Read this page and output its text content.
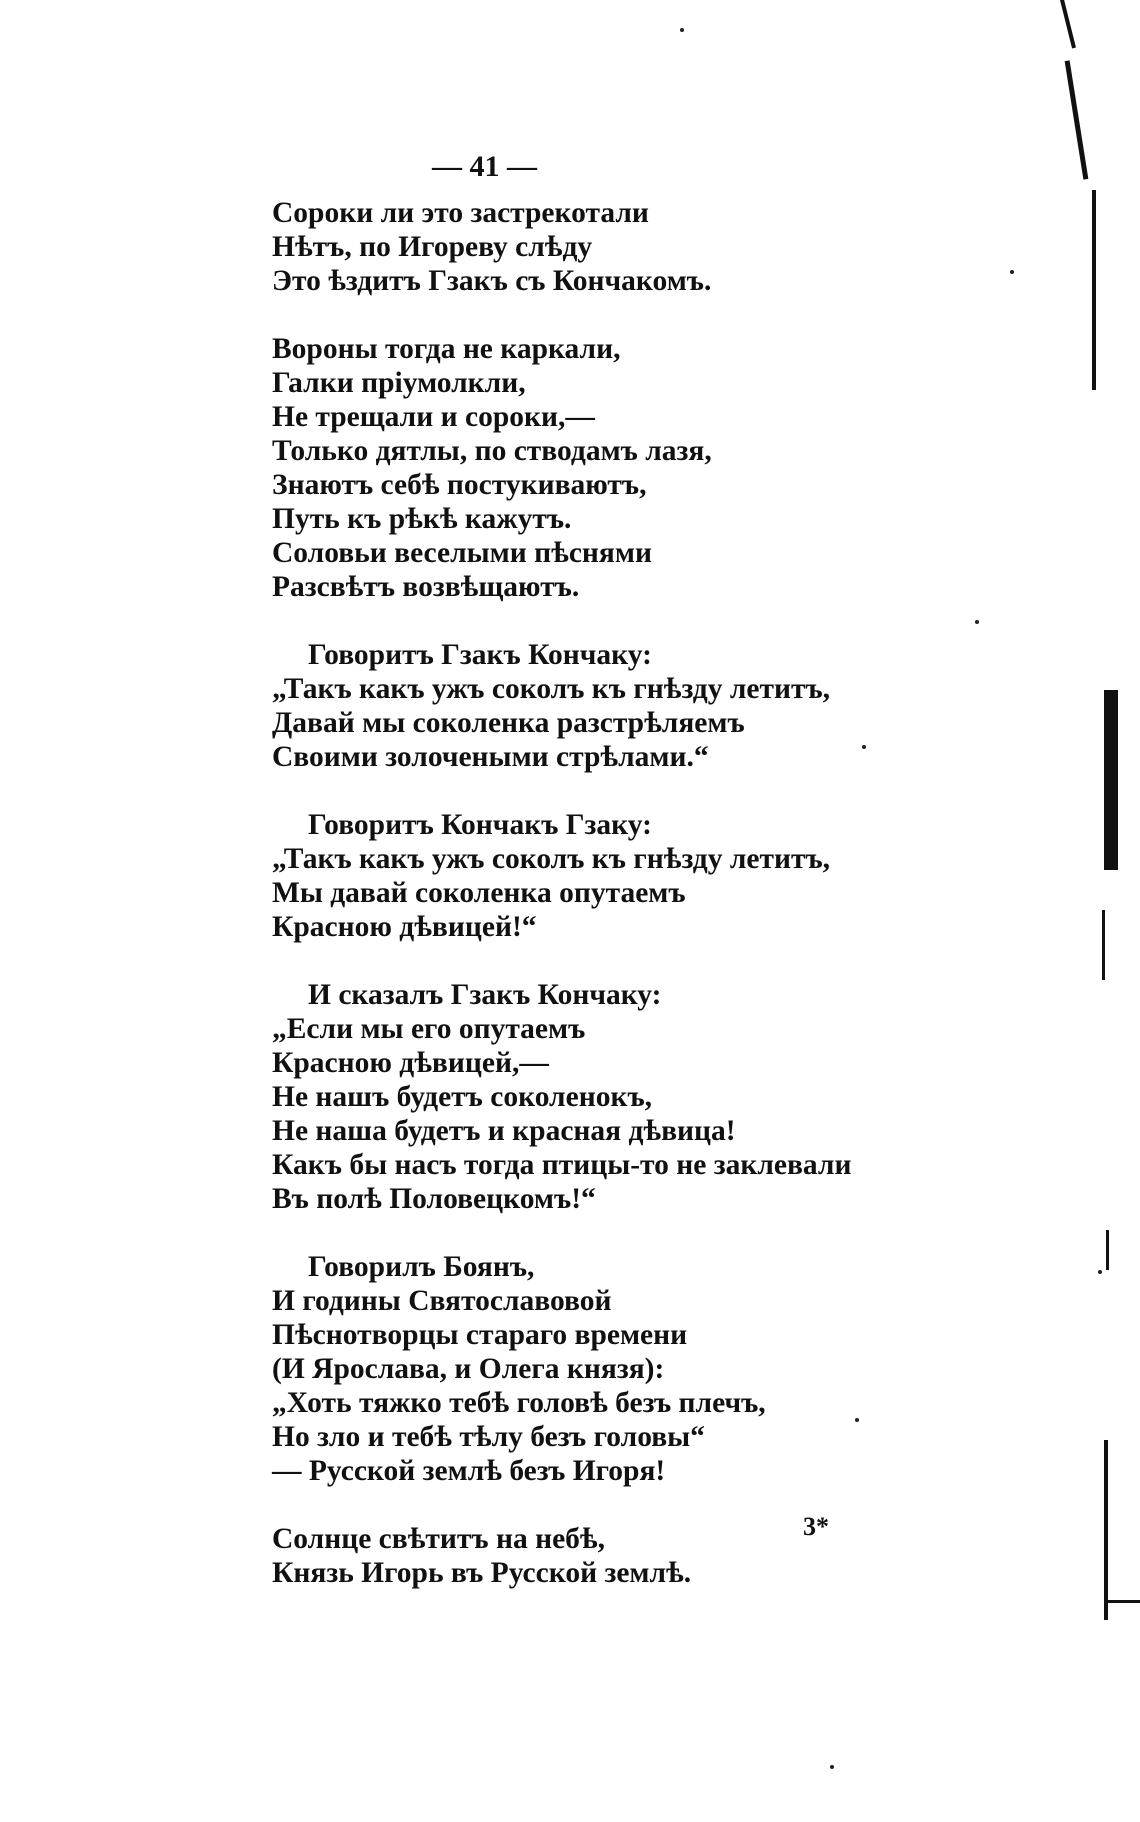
— 41 —
Сороки ли это застрекотали
Нѣтъ, по Игореву слѣду
Это ѣздитъ Гзакъ съ Кончакомъ.
Вороны тогда не каркали,
Галки пріумолкли,
Не трещали и сороки,—
Только дятлы, по стводамъ лазя,
Знаютъ себѣ постукиваютъ,
Путь къ рѣкѣ кажутъ.
Соловьи веселыми пѣснями
Разсвѣтъ возвѣщаютъ.
Говоритъ Гзакъ Кончаку:
„Такъ какъ ужъ соколъ къ гнѣзду летитъ,
Давай мы соколенка разстрѣляемъ
Своими золочеными стрѣлами.“
Говоритъ Кончакъ Гзаку:
„Такъ какъ ужъ соколъ къ гнѣзду летитъ,
Мы давай соколенка опутаемъ
Красною дѣвицей!“
И сказалъ Гзакъ Кончаку:
„Если мы его опутаемъ
Красною дѣвицей,—
Не нашъ будетъ соколенокъ,
Не наша будетъ и красная дѣвица!
Какъ бы насъ тогда птицы-то не заклевали
Въ полѣ Половецкомъ!“
Говорилъ Боянъ,
И годины Святославовой
Пѣснотворцы стараго времени
(И Ярослава, и Олега князя):
„Хоть тяжко тебѣ головѣ безъ плечъ,
Но зло и тебѣ тѣлу безъ головы“
— Русской землѣ безъ Игоря!
Солнце свѣтитъ на небѣ,
Князь Игорь въ Русской землѣ.
3*
